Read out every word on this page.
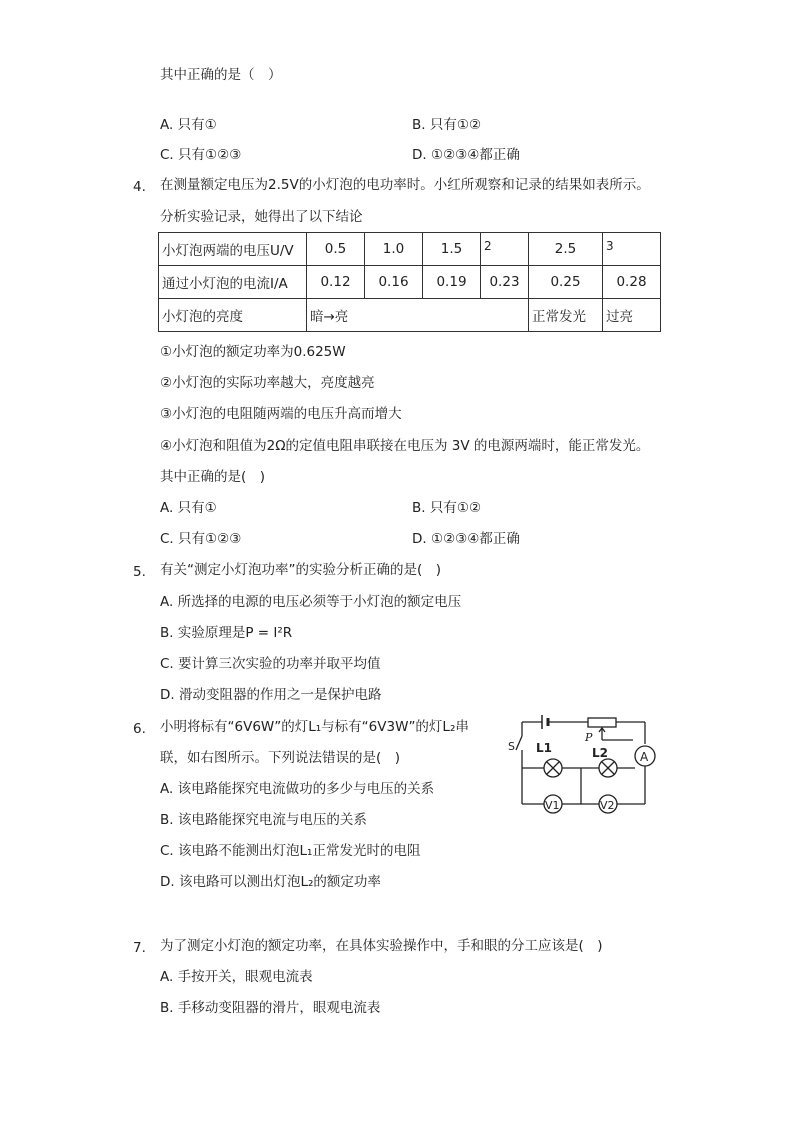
其中正确的是（　）
A. 只有①	B. 只有①②
C. 只有①②③	D. ①②③④都正确
4. 在测量额定电压为2.5V的小灯泡的电功率时。小红所观察和记录的结果如表所示。
分析实验记录，她得出了以下结论
小灯泡两端的电压U/V	0.5	1.0	1.5	2	2.5	3
通过小灯泡的电流I/A	0.12	0.16	0.19	0.23	0.25	0.28
小灯泡的亮度	暗→亮				正常发光	过亮
①小灯泡的额定功率为0.625W
②小灯泡的实际功率越大，亮度越亮
③小灯泡的电阻随两端的电压升高而增大
④小灯泡和阻值为2Ω的定值电阻串联接在电压为 3V 的电源两端时，能正常发光。
其中正确的是(　)
A. 只有①	B. 只有①②
C. 只有①②③	D. ①②③④都正确
5. 有关“测定小灯泡功率”的实验分析正确的是(　)
A. 所选择的电源的电压必须等于小灯泡的额定电压
B. 实验原理是P = I²R
C. 要计算三次实验的功率并取平均值
D. 滑动变阻器的作用之一是保护电路
6. 小明将标有“6V6W”的灯L₁与标有“6V3W”的灯L₂串
联，如右图所示。下列说法错误的是(　)
A. 该电路能探究电流做功的多少与电压的关系
B. 该电路能探究电流与电压的关系
C. 该电路不能测出灯泡L₁正常发光时的电阻
D. 该电路可以测出灯泡L₂的额定功率
P
S L1	L2	A
V1	V2
7. 为了测定小灯泡的额定功率，在具体实验操作中，手和眼的分工应该是(　)
A. 手按开关，眼观电流表
B. 手移动变阻器的滑片，眼观电流表
